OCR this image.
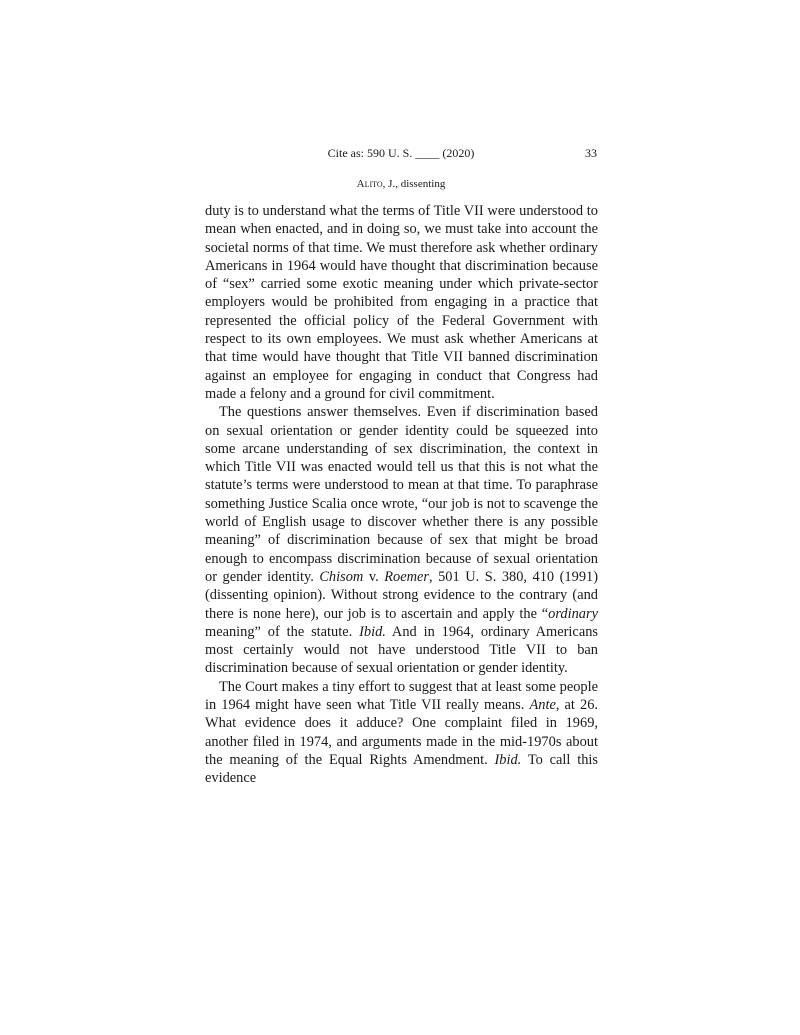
Cite as: 590 U. S. ____ (2020)	33
Alito, J., dissenting

duty is to understand what the terms of Title VII were understood to mean when enacted, and in doing so, we must take into account the societal norms of that time. We must therefore ask whether ordinary Americans in 1964 would have thought that discrimination because of “sex” carried some exotic meaning under which private-sector employers would be prohibited from engaging in a practice that represented the official policy of the Federal Government with respect to its own employees. We must ask whether Americans at that time would have thought that Title VII banned discrimination against an employee for engaging in conduct that Congress had made a felony and a ground for civil commitment.

The questions answer themselves. Even if discrimination based on sexual orientation or gender identity could be squeezed into some arcane understanding of sex discrimination, the context in which Title VII was enacted would tell us that this is not what the statute’s terms were understood to mean at that time. To paraphrase something Justice Scalia once wrote, “our job is not to scavenge the world of English usage to discover whether there is any possible meaning” of discrimination because of sex that might be broad enough to encompass discrimination because of sexual orientation or gender identity. Chisom v. Roemer, 501 U. S. 380, 410 (1991) (dissenting opinion). Without strong evidence to the contrary (and there is none here), our job is to ascertain and apply the “ordinary meaning” of the statute. Ibid. And in 1964, ordinary Americans most certainly would not have understood Title VII to ban discrimination because of sexual orientation or gender identity.

The Court makes a tiny effort to suggest that at least some people in 1964 might have seen what Title VII really means. Ante, at 26. What evidence does it adduce? One complaint filed in 1969, another filed in 1974, and arguments made in the mid-1970s about the meaning of the Equal Rights Amendment. Ibid. To call this evidence
